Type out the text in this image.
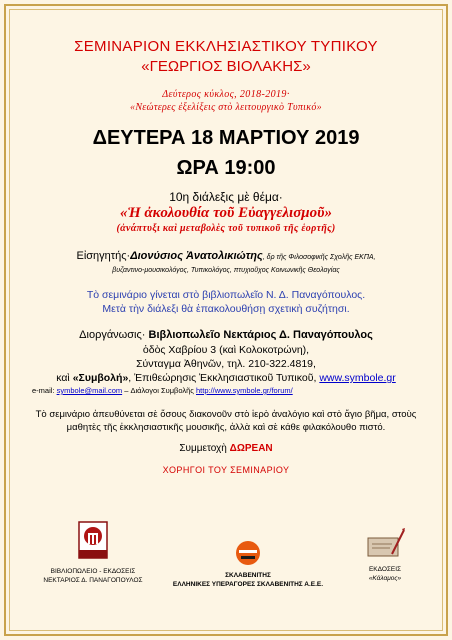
ΣΕΜΙΝΑΡΙΟΝ ΕΚΚΛΗΣΙΑΣΤΙΚΟΥ ΤΥΠΙΚΟΥ
«ΓΕΩΡΓΙΟΣ ΒΙΟΛΑΚΗΣ»
Δεύτερος κύκλος, 2018-2019·
«Νεώτερες ἐξελίξεις στὸ λειτουργικὸ Τυπικό»
ΔΕΥΤΕΡΑ 18 ΜΑΡΤΙΟΥ 2019
ΩΡΑ 19:00
10η διάλεξις μὲ θέμα·
«Ἡ ἀκολουθία τοῦ Εὐαγγελισμοῦ»
(ἀνάπτυξι καὶ μεταβολὲς τοῦ τυπικοῦ τῆς ἑορτῆς)
Εἰσηγητής·Διονύσιος Ἀνατολικιώτης, δρ τῆς Φιλοσοφικῆς Σχολῆς ΕΚΠΑ,
βυζαντινο-μουσικολόγος, Τυπικολόγος, πτυχιοῦχος Κοινωνικῆς Θεολογίας
Τὸ σεμινάριο γίνεται στὸ βιβλιοπωλεῖο Ν. Δ. Παναγόπουλος.
Μετὰ τὴν διάλεξι θὰ ἐπακολουθήσῃ σχετικὴ συζήτησι.
Διοργάνωσις· Βιβλιοπωλεῖο Νεκτάριος Δ. Παναγόπουλος
ὁδὸς Χαβρίου 3 (καὶ Κολοκοτρώνη),
Σύνταγμα Ἀθηνῶν, τηλ. 210-322.4819,
καὶ «Συμβολή», Ἐπιθεώρησις Ἐκκλησιαστικοῦ Τυπικοῦ, www.symbole.gr
e-mail: symbole@mail.com – Διάλογοι Συμβολῆς http://www.symbole.gr/forum/
Τὸ σεμινάριο ἀπευθύνεται σὲ ὅσους διακονοῦν στὸ ἱερὸ ἀναλόγιο καὶ στὸ ἅγιο βῆμα, στοὺς μαθητὲς τῆς ἐκκλησιαστικῆς μουσικῆς, ἀλλὰ καὶ σὲ κάθε φιλακόλουθο πιστό.
Συμμετοχὴ ΔΩΡΕΑΝ
ΧΟΡΗΓΟΙ ΤΟΥ ΣΕΜΙΝΑΡΙΟΥ
ΒΙΒΛΙΟΠΩΛΕΙΟ - ΕΚΔΟΣΕΙΣ
ΝΕΚΤΑΡΙΟΣ Δ. ΠΑΝΑΓΟΠΟΥΛΟΣ
ΣΚΛΑΒΕΝΙΤΗΣ
ΕΛΛΗΝΙΚΕΣ ΥΠΕΡΑΓΟΡΕΣ ΣΚΛΑΒΕΝΙΤΗΣ Α.Ε.Ε.
ΕΚΔΟΣΕΙΣ
«Κάλαμος»
